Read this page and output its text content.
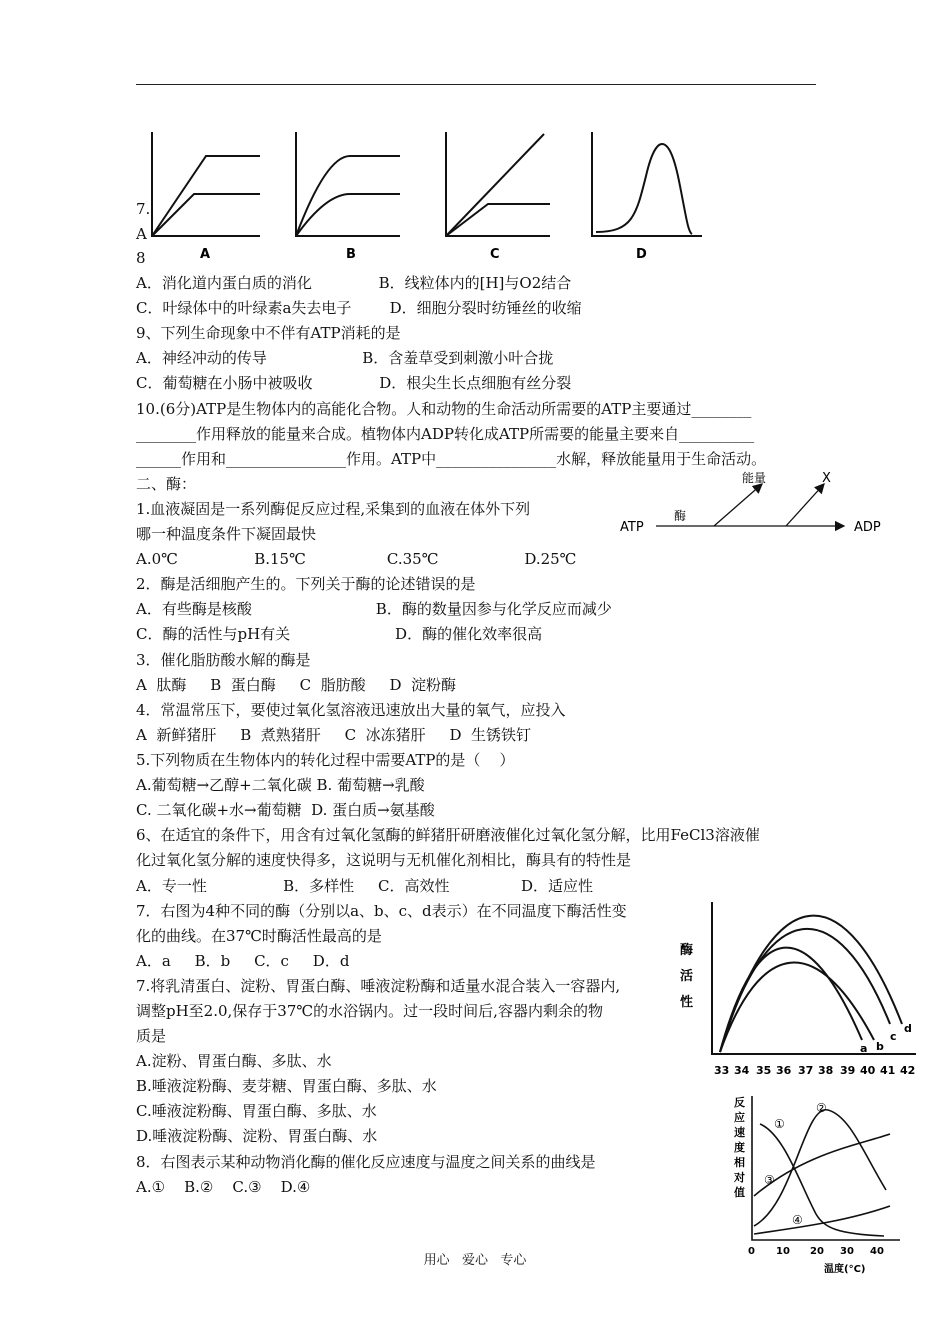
A	B	C	D
7.
A
8
A．消化道内蛋白质的消化              B．线粒体内的[H]与O2结合
C．叶绿体中的叶绿素a失去电子        D．细胞分裂时纺锤丝的收缩
9、下列生命现象中不伴有ATP消耗的是
A．神经冲动的传导                    B．含羞草受到刺激小叶合拢
C．葡萄糖在小肠中被吸收              D．根尖生长点细胞有丝分裂
10.(6分)ATP是生物体内的高能化合物。人和动物的生命活动所需要的ATP主要通过________
________作用释放的能量来合成。植物体内ADP转化成ATP所需要的能量主要来自__________
______作用和________________作用。ATP中________________水解，释放能量用于生命活动。
二、酶：
1.血液凝固是一系列酶促反应过程,采集到的血液在体外下列
哪一种温度条件下凝固最快
A.0℃                B.15℃                 C.35℃                  D.25℃
2．酶是活细胞产生的。下列关于酶的论述错误的是
A．有些酶是核酸                          B．酶的数量因参与化学反应而减少
C．酶的活性与pH有关                      D．酶的催化效率很高
3．催化脂肪酸水解的酶是
A  肽酶     B  蛋白酶     C  脂肪酸     D  淀粉酶
4．常温常压下，要使过氧化氢溶液迅速放出大量的氧气，应投入
A  新鲜猪肝     B  煮熟猪肝     C  冰冻猪肝     D  生锈铁钉
5.下列物质在生物体内的转化过程中需要ATP的是（    ）
A.葡萄糖→乙醇+二氧化碳 B. 葡萄糖→乳酸
C. 二氧化碳+水→葡萄糖  D. 蛋白质→氨基酸
6、在适宜的条件下，用含有过氧化氢酶的鲜猪肝研磨液催化过氧化氢分解，比用FeCl3溶液催
化过氧化氢分解的速度快得多，这说明与无机催化剂相比，酶具有的特性是
A．专一性                B．多样性     C．高效性               D．适应性
7．右图为4种不同的酶（分别以a、b、c、d表示）在不同温度下酶活性变
化的曲线。在37℃时酶活性最高的是
A．a     B．b     C．c     D．d
7.将乳清蛋白、淀粉、胃蛋白酶、唾液淀粉酶和适量水混合装入一容器内,
调整pH至2.0,保存于37℃的水浴锅内。过一段时间后,容器内剩余的物
质是
A.淀粉、胃蛋白酶、多肽、水
B.唾液淀粉酶、麦芽糖、胃蛋白酶、多肽、水
C.唾液淀粉酶、胃蛋白酶、多肽、水
D.唾液淀粉酶、淀粉、胃蛋白酶、水
8．右图表示某种动物消化酶的催化反应速度与温度之间关系的曲线是
A.①    B.②    C.③    D.④
ATP
酶
能量	X
ADP
酶
活
性
33 34 35 36 37 38 39 40 41 42
a b
c
d
反
应
速
度
相
对
值
①
②
③
④
0 10 20 30 40
温度(°C)
用心   爱心   专心
